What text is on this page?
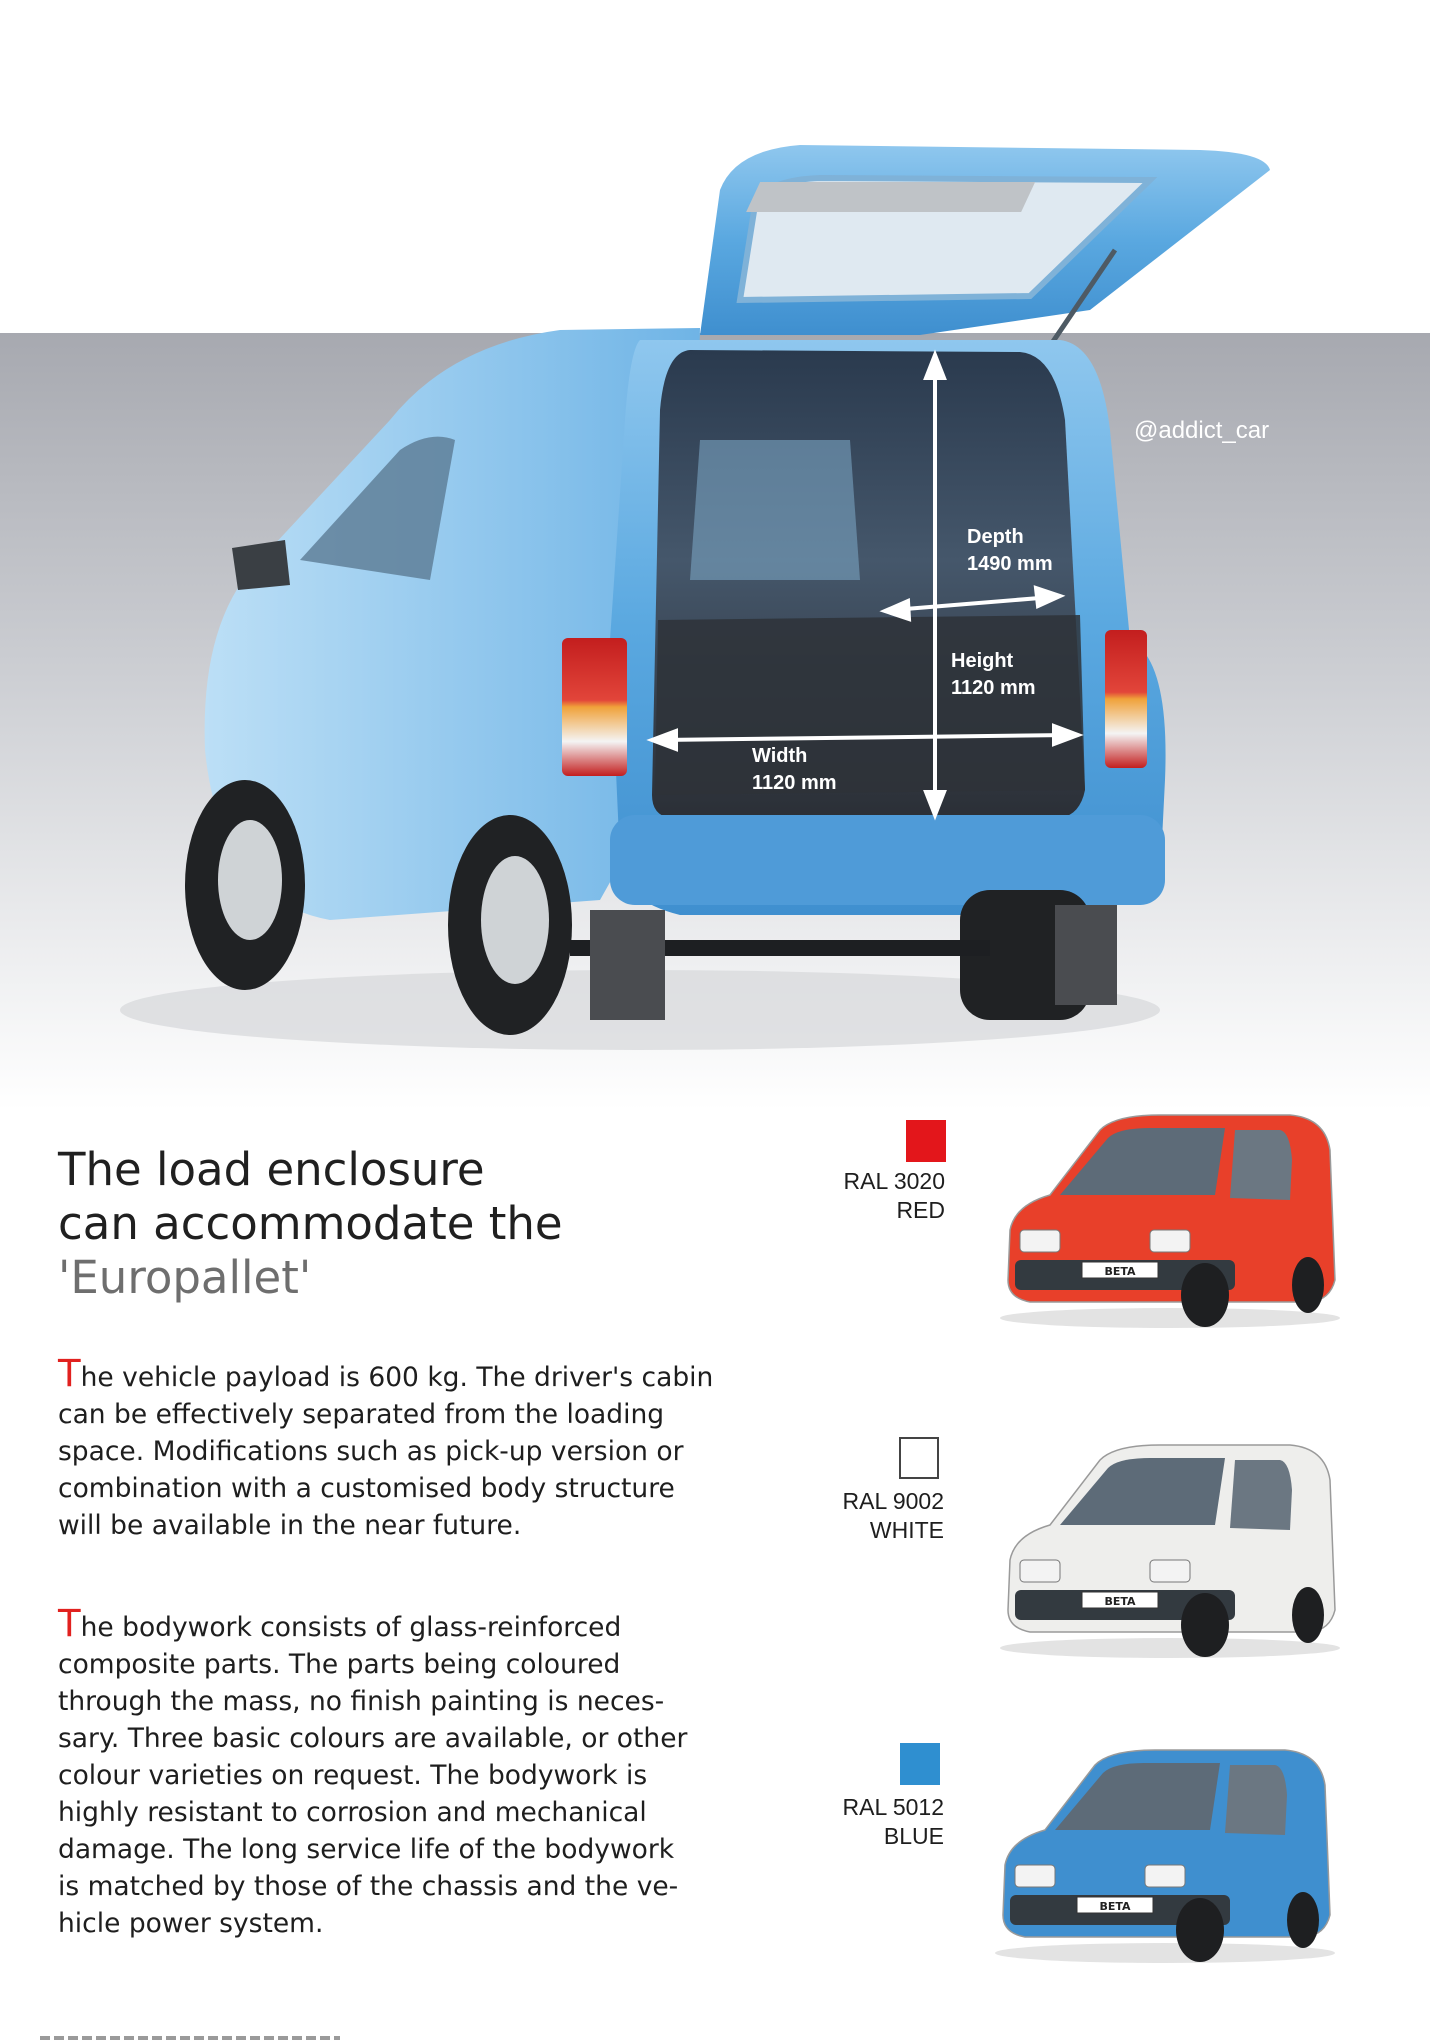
@addict_car
Depth
1490 mm
Height
1120 mm
Width
1120 mm
The load enclosure
can accommodate the
'Europallet'
The vehicle payload is 600 kg. The driver's cabin
can be effectively separated from the loading
space. Modifications such as pick-up version or
combination with a customised body structure
will be available in the near future.
The bodywork consists of glass-reinforced
composite parts. The parts being coloured
through the mass, no finish painting is neces-
sary. Three basic colours are available, or other
colour varieties on request. The bodywork is
highly resistant to corrosion and mechanical
damage. The long service life of the bodywork
is matched by those of the chassis and the ve-
hicle power system.
RAL 3020
RED
RAL 9002
WHITE
RAL 5012
BLUE
BETA
BETA
BETA
